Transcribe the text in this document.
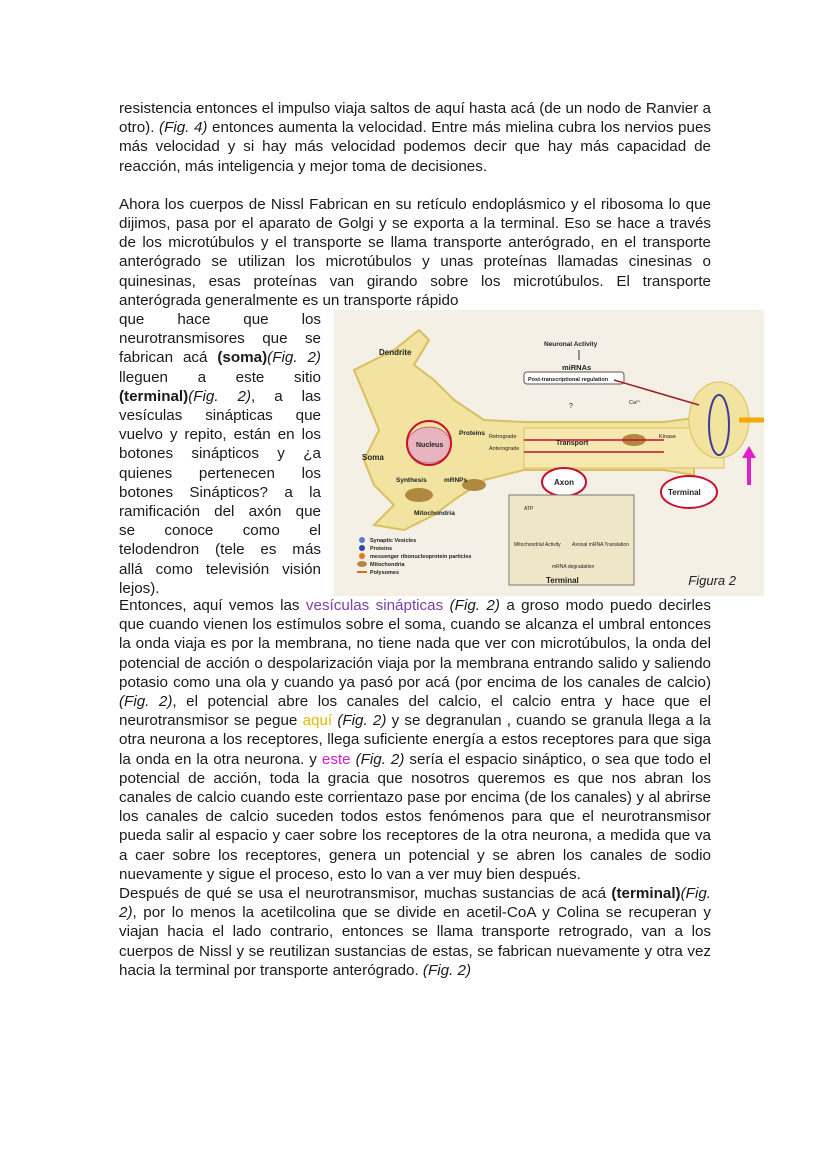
resistencia entonces el impulso viaja saltos de aquí hasta acá (de un nodo de Ranvier a otro). (Fig. 4) entonces aumenta la velocidad. Entre más mielina cubra los nervios pues más velocidad y si hay más velocidad podemos decir que hay más capacidad de reacción, más inteligencia y mejor toma de decisiones.

Ahora los cuerpos de Nissl Fabrican en su retículo endoplásmico y el ribosoma lo que dijimos, pasa por el aparato de Golgi y se exporta a la terminal. Eso se hace a través de los microtúbulos y el transporte se llama transporte anterógrado, en el transporte anterógrado se utilizan los microtúbulos y unas proteínas llamadas cinesinas o quinesinas, esas proteínas van girando sobre los microtúbulos. El transporte anterógrada generalmente es un transporte rápido

que hace que los
neurotransmisores que se
fabrican acá (soma)(Fig. 2)
lleguen a este sitio
(terminal)(Fig. 2), a las
vesículas sinápticas que
vuelvo y repito, están en los
botones sinápticos y ¿a
quienes pertenecen los
botones Sinápticos? a la
ramificación del axón que
se conoce como el
telodendron (tele es más
allá como televisión visión
lejos).
Dendrite
Soma
Nucleus
Proteins
Synthesis	mRNPs
Mitochondria
Neuronal Activity
miRNAs
Post-transcriptional regulation
?	Ca²⁺
Retrograde
Anterograde
Transport
Kinase
Axon
Terminal
ATP
Mitochondrial Activity Axonal mRNA Translation
mRNA degradation
Terminal
Synaptic Vesicles
Proteins
messenger ribonucleoprotein particles
Mitochondria
Polysomes	Figura 2

Entonces, aquí vemos las vesículas sinápticas (Fig. 2) a groso modo puedo decirles que cuando vienen los estímulos sobre el soma, cuando se alcanza el umbral entonces la onda viaja es por la membrana, no tiene nada que ver con microtúbulos, la onda del potencial de acción o despolarización viaja por la membrana entrando salido y saliendo potasio como una ola y cuando ya pasó por acá (por encima de los canales de calcio) (Fig. 2), el potencial abre los canales del calcio, el calcio entra y hace que el neurotransmisor se pegue aquí (Fig. 2) y se degranulan , cuando se granula llega a la otra neurona a los receptores, llega suficiente energía a estos receptores para que siga la onda en la otra neurona. y este (Fig. 2) sería el espacio sináptico, o sea que todo el potencial de acción, toda la gracia que nosotros queremos es que nos abran los canales de calcio cuando este corrientazo pase por encima (de los canales) y al abrirse los canales de calcio suceden todos estos fenómenos para que el neurotransmisor pueda salir al espacio y caer sobre los receptores de la otra neurona, a medida que va a caer sobre los receptores, genera un potencial y se abren los canales de sodio nuevamente y sigue el proceso, esto lo van a ver muy bien después.

Después de qué se usa el neurotransmisor, muchas sustancias de acá (terminal)(Fig. 2), por lo menos la acetilcolina que se divide en acetil-CoA y Colina se recuperan y viajan hacia el lado contrario, entonces se llama transporte retrogrado, van a los cuerpos de Nissl y se reutilizan sustancias de estas, se fabrican nuevamente y otra vez hacia la terminal por transporte anterógrado. (Fig. 2)
